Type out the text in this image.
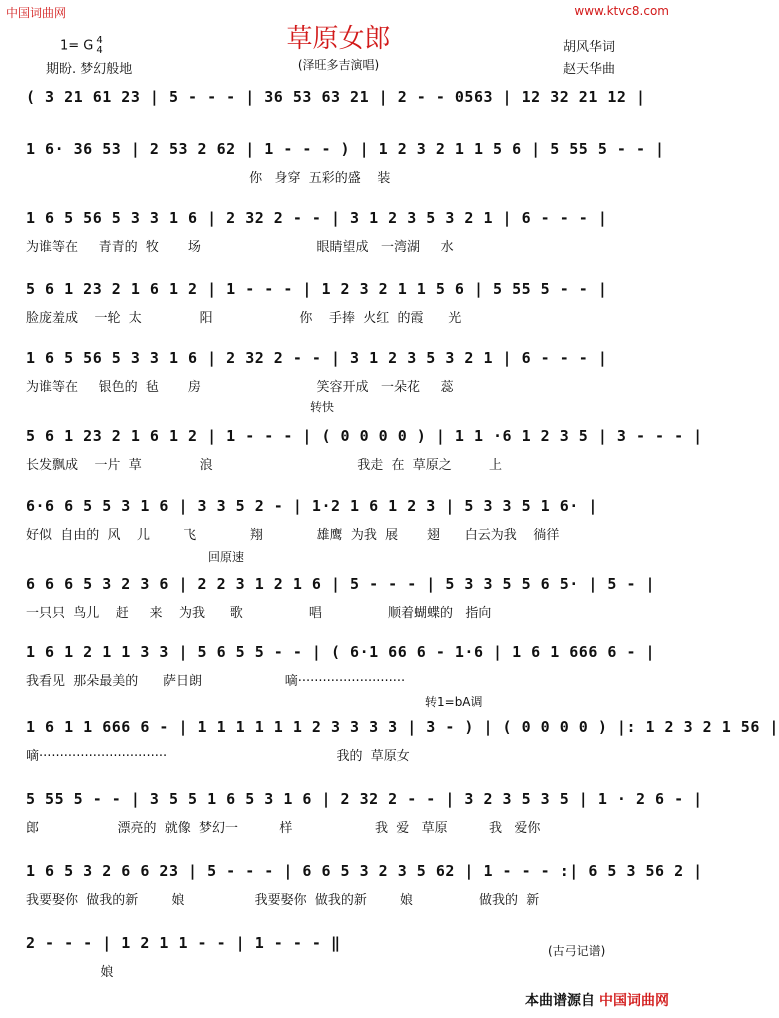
中国词曲网	www.ktvc8.com
草原女郎
(泽旺多吉演唱)
1= G 4
4
期盼. 梦幻般地
胡风华词
赵天华曲
( 3 21 61 23 | 5 - - - | 36 53 63 21 | 2 - - 0563 | 12 32 21 12 |
1 6· 36 53 | 2 53 2 62 | 1 - - - ) | 1 2 3 2 1 1 5 6 | 5 55 5 - - |
你   身穿  五彩的盛    装
1 6 5 56 5 3 3 1 6 | 2 32 2 - - | 3 1 2 3 5 3 2 1 | 6 - - - |
为谁等在     青青的  牧       场                            眼睛望成   一湾湖     水
5 6 1 23 2 1 6 1 2 | 1 - - - | 1 2 3 2 1 1 5 6 | 5 55 5 - - |
脸庞羞成    一轮  太              阳                     你    手捧  火红  的霞      光
1 6 5 56 5 3 3 1 6 | 2 32 2 - - | 3 1 2 3 5 3 2 1 | 6 - - - |
为谁等在     银色的  毡       房                            笑容开成   一朵花     蕊
5 6 1 23 2 1 6 1 2 | 1 - - - | ( 0 0 0 0 ) | 1 1 ·6 1 2 3 5 | 3 - - - |
长发飘成    一片  草              浪                                   我走  在  草原之         上
6·6 6 5 5 3 1 6 | 3 3 5 2 - | 1·2 1 6 1 2 3 | 5 3 3 5 1 6· |
好似  自由的  风    儿        飞             翔             雄鹰  为我  展       翅      白云为我    徜徉
6 6 6 5 3 2 3 6 | 2 2 3 1 2 1 6 | 5 - - - | 5 3 3 5 5 6 5· | 5 - |
一只只  鸟儿    赶     来    为我      歌                唱                顺着蝴蝶的   指向
1 6 1 2 1 1 3 3 | 5 6 5 5 - - | ( 6·1 66 6 - 1·6 | 1 6 1 666 6 - |
我看见  那朵最美的      萨日朗                    嘀··························
1 6 1 1 666 6 - | 1 1 1 1 1 1 2 3 3 3 3 | 3 - ) | ( 0 0 0 0 ) |: 1 2 3 2 1 56 |
嘀·······························                                         我的  草原女
5 55 5 - - | 3 5 5 1 6 5 3 1 6 | 2 32 2 - - | 3 2 3 5 3 5 | 1 · 2 6 - |
郎                   漂亮的  就像  梦幻一          样                    我  爱   草原          我   爱你
1 6 5 3 2 6 6 23 | 5 - - - | 6 6 5 3 2 3 5 62 | 1 - - - :| 6 5 3 56 2 |
我要娶你  做我的新        娘                 我要娶你  做我的新        娘                做我的  新
2 - - - | 1 2 1 1 - - | 1 - - - ‖
娘
转快
回原速
转1=bA调
(古弓记谱)
本曲谱源自 中国词曲网
